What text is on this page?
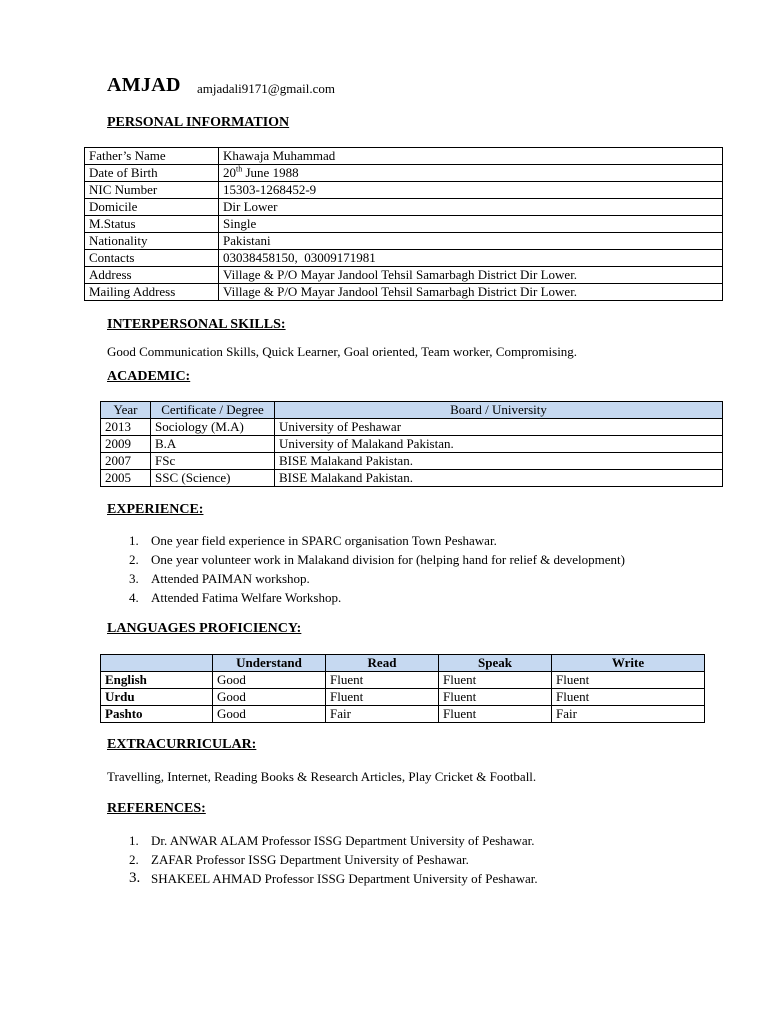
AMJAD amjadali9171@gmail.com
PERSONAL INFORMATION
Father’s Name	Khawaja Muhammad
Date of Birth	20th June 1988
NIC Number	15303-1268452-9
Domicile	Dir Lower
M.Status	Single
Nationality	Pakistani
Contacts	03038458150,  03009171981
Address	Village & P/O Mayar Jandool Tehsil Samarbagh District Dir Lower.
Mailing Address	Village & P/O Mayar Jandool Tehsil Samarbagh District Dir Lower.
INTERPERSONAL SKILLS:
Good Communication Skills, Quick Learner, Goal oriented, Team worker, Compromising.
ACADEMIC:
Year	Certificate / Degree	Board / University
2013	Sociology (M.A)	University of Peshawar
2009	B.A	University of Malakand Pakistan.
2007	FSc	BISE Malakand Pakistan.
2005	SSC (Science)	BISE Malakand Pakistan.
EXPERIENCE:
1. One year field experience in SPARC organisation Town Peshawar.
2. One year volunteer work in Malakand division for (helping hand for relief & development)
3. Attended PAIMAN workshop.
4. Attended Fatima Welfare Workshop.
LANGUAGES PROFICIENCY:
	Understand	Read	Speak	Write
English	Good	Fluent	Fluent	Fluent
Urdu	Good	Fluent	Fluent	Fluent
Pashto	Good	Fair	Fluent	Fair
EXTRACURRICULAR:
Travelling, Internet, Reading Books & Research Articles, Play Cricket & Football.
REFERENCES:
1. Dr. ANWAR ALAM Professor ISSG Department University of Peshawar.
2. ZAFAR Professor ISSG Department University of Peshawar.
3. SHAKEEL AHMAD Professor ISSG Department University of Peshawar.
